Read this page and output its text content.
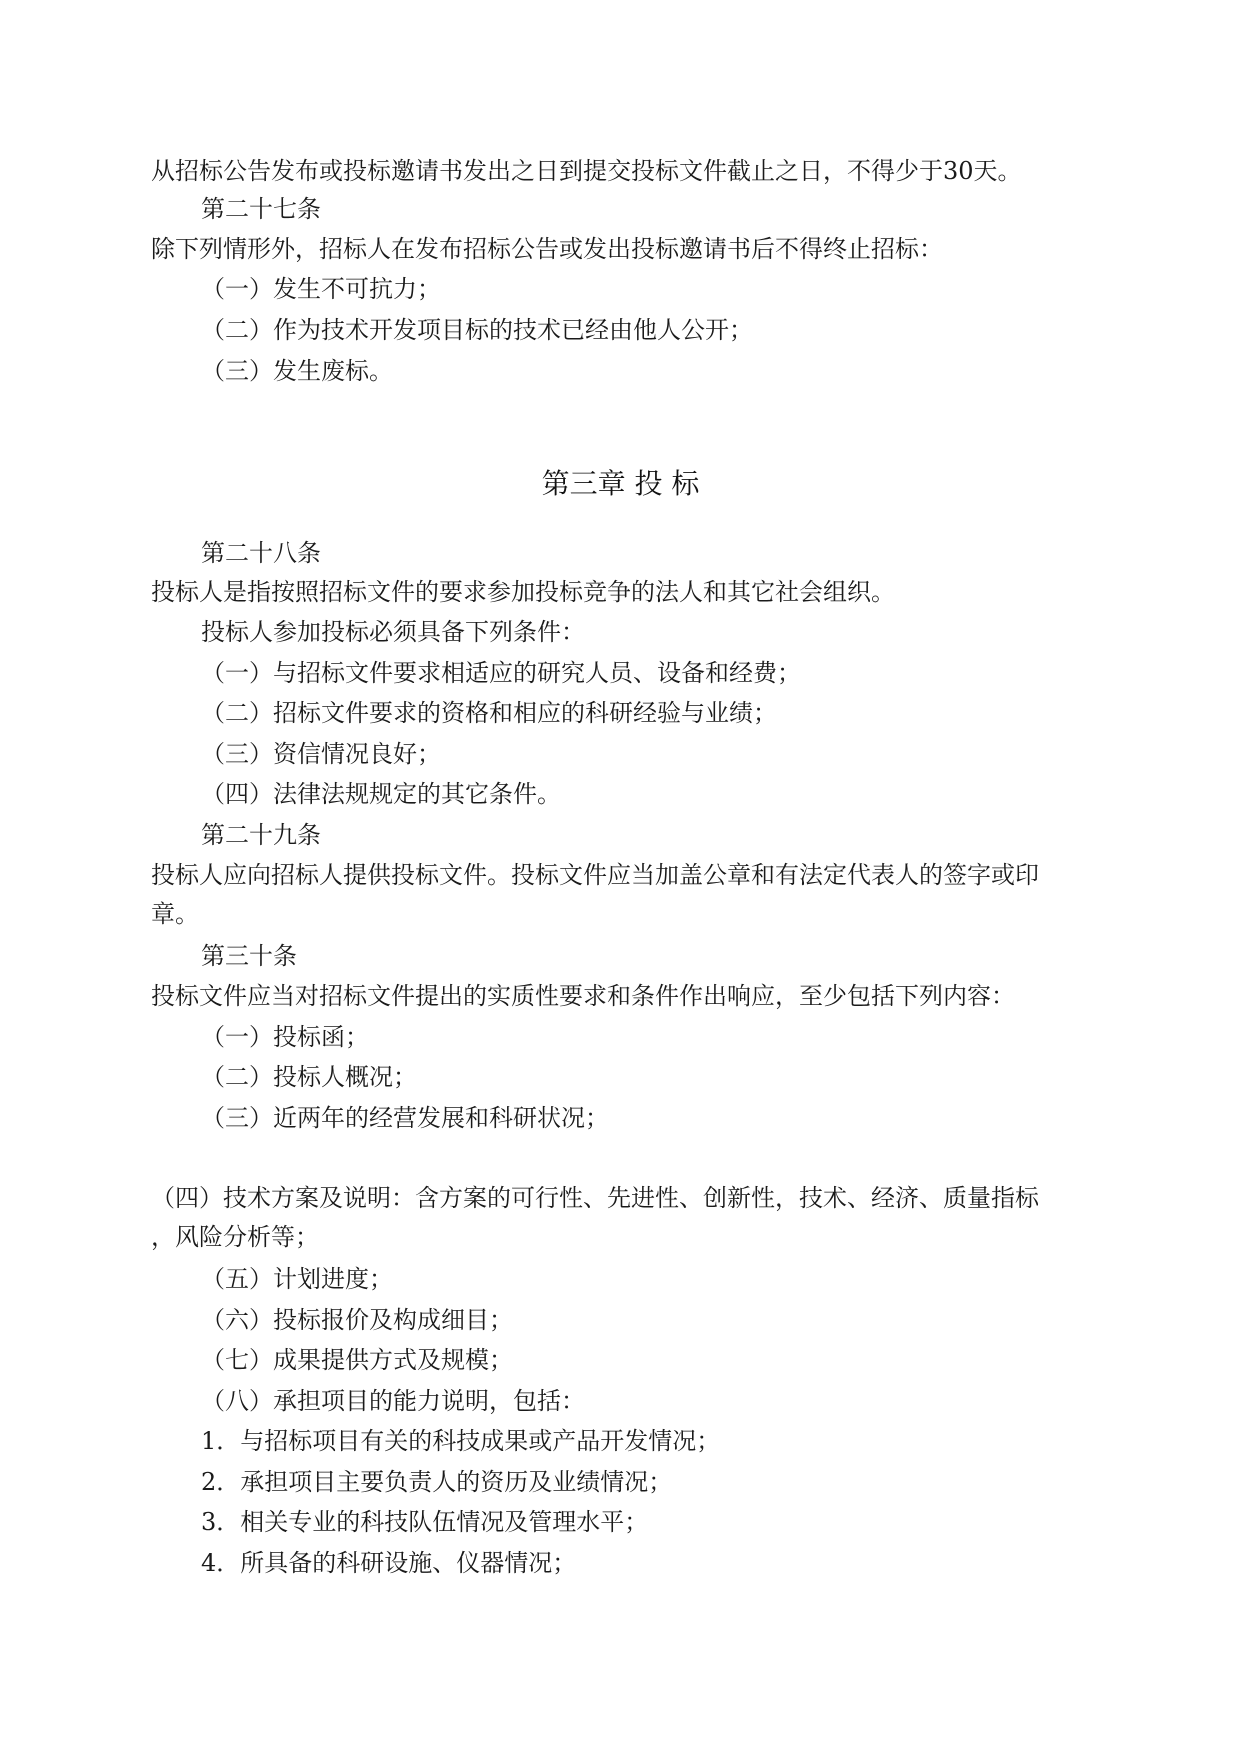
从招标公告发布或投标邀请书发出之日到提交投标文件截止之日，不得少于30天。
第二十七条
除下列情形外，招标人在发布招标公告或发出投标邀请书后不得终止招标：
（一）发生不可抗力；
（二）作为技术开发项目标的技术已经由他人公开；
（三）发生废标。
第三章 投 标
第二十八条
投标人是指按照招标文件的要求参加投标竞争的法人和其它社会组织。
投标人参加投标必须具备下列条件：
（一）与招标文件要求相适应的研究人员、设备和经费；
（二）招标文件要求的资格和相应的科研经验与业绩；
（三）资信情况良好；
（四）法律法规规定的其它条件。
第二十九条
投标人应向招标人提供投标文件。投标文件应当加盖公章和有法定代表人的签字或印
章。
第三十条
投标文件应当对招标文件提出的实质性要求和条件作出响应，至少包括下列内容：
（一）投标函；
（二）投标人概况；
（三）近两年的经营发展和科研状况；
（四）技术方案及说明：含方案的可行性、先进性、创新性，技术、经济、质量指标
，风险分析等；
（五）计划进度；
（六）投标报价及构成细目；
（七）成果提供方式及规模；
（八）承担项目的能力说明，包括：
1．与招标项目有关的科技成果或产品开发情况；
2．承担项目主要负责人的资历及业绩情况；
3．相关专业的科技队伍情况及管理水平；
4．所具备的科研设施、仪器情况；
